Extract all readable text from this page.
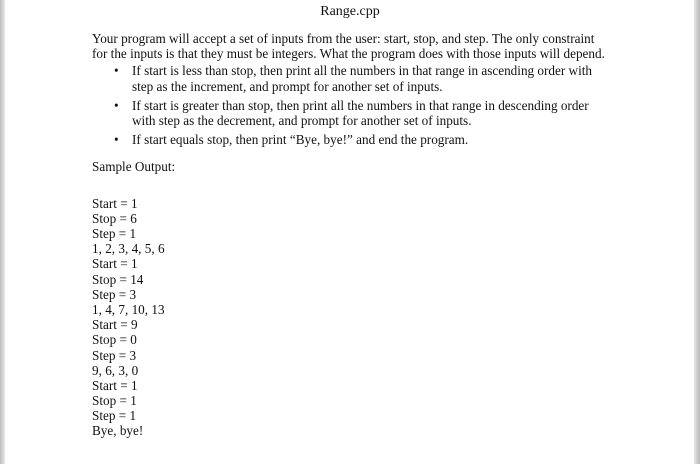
Range.cpp

Your program will accept a set of inputs from the user: start, stop, and step. The only constraint for the inputs is that they must be integers. What the program does with those inputs will depend.

• If start is less than stop, then print all the numbers in that range in ascending order with step as the increment, and prompt for another set of inputs.
• If start is greater than stop, then print all the numbers in that range in descending order with step as the decrement, and prompt for another set of inputs.
• If start equals stop, then print “Bye, bye!” and end the program.

Sample Output:

Start = 1
Stop = 6
Step = 1
1, 2, 3, 4, 5, 6
Start = 1
Stop = 14
Step = 3
1, 4, 7, 10, 13
Start = 9
Stop = 0
Step = 3
9, 6, 3, 0
Start = 1
Stop = 1
Step = 1
Bye, bye!
